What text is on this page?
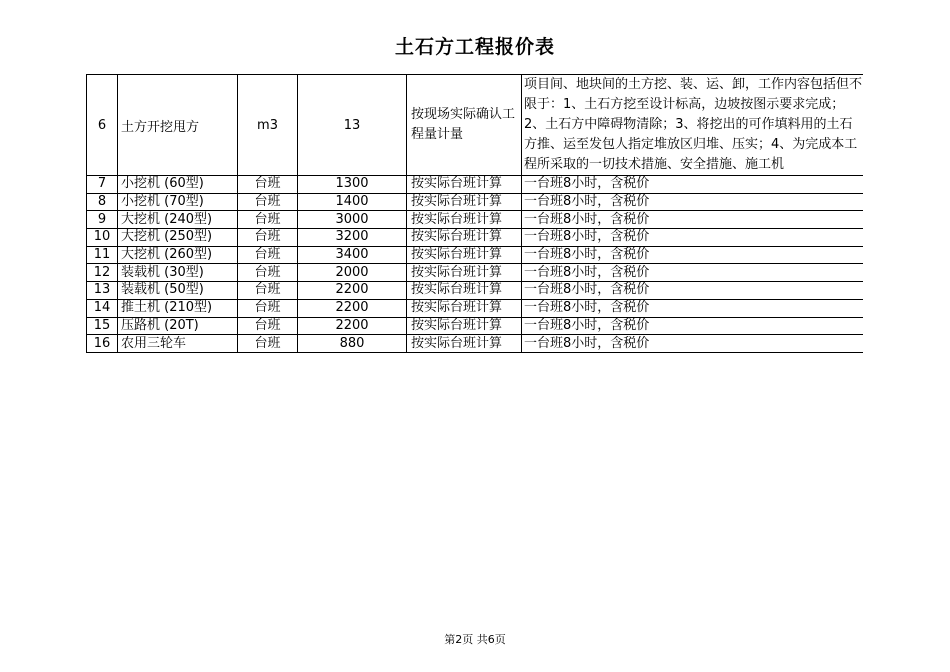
土石方工程报价表
6	土方开挖甩方	m3	13	按现场实际确认工程量计量	项目间、地块间的土方挖、装、运、卸，工作内容包括但不限于：1、土石方挖至设计标高，边坡按图示要求完成；2、土石方中障碍物清除；3、将挖出的可作填料用的土石方推、运至发包人指定堆放区归堆、压实；4、为完成本工程所采取的一切技术措施、安全措施、施工机
7	小挖机 (60型)	台班	1300	按实际台班计算	一台班8小时，含税价
8	小挖机 (70型)	台班	1400	按实际台班计算	一台班8小时，含税价
9	大挖机 (240型)	台班	3000	按实际台班计算	一台班8小时，含税价
10	大挖机 (250型)	台班	3200	按实际台班计算	一台班8小时，含税价
11	大挖机 (260型)	台班	3400	按实际台班计算	一台班8小时，含税价
12	装载机 (30型)	台班	2000	按实际台班计算	一台班8小时，含税价
13	装载机 (50型)	台班	2200	按实际台班计算	一台班8小时，含税价
14	推土机 (210型)	台班	2200	按实际台班计算	一台班8小时，含税价
15	压路机 (20T)	台班	2200	按实际台班计算	一台班8小时，含税价
16	农用三轮车	台班	880	按实际台班计算	一台班8小时，含税价
第2页 共6页
